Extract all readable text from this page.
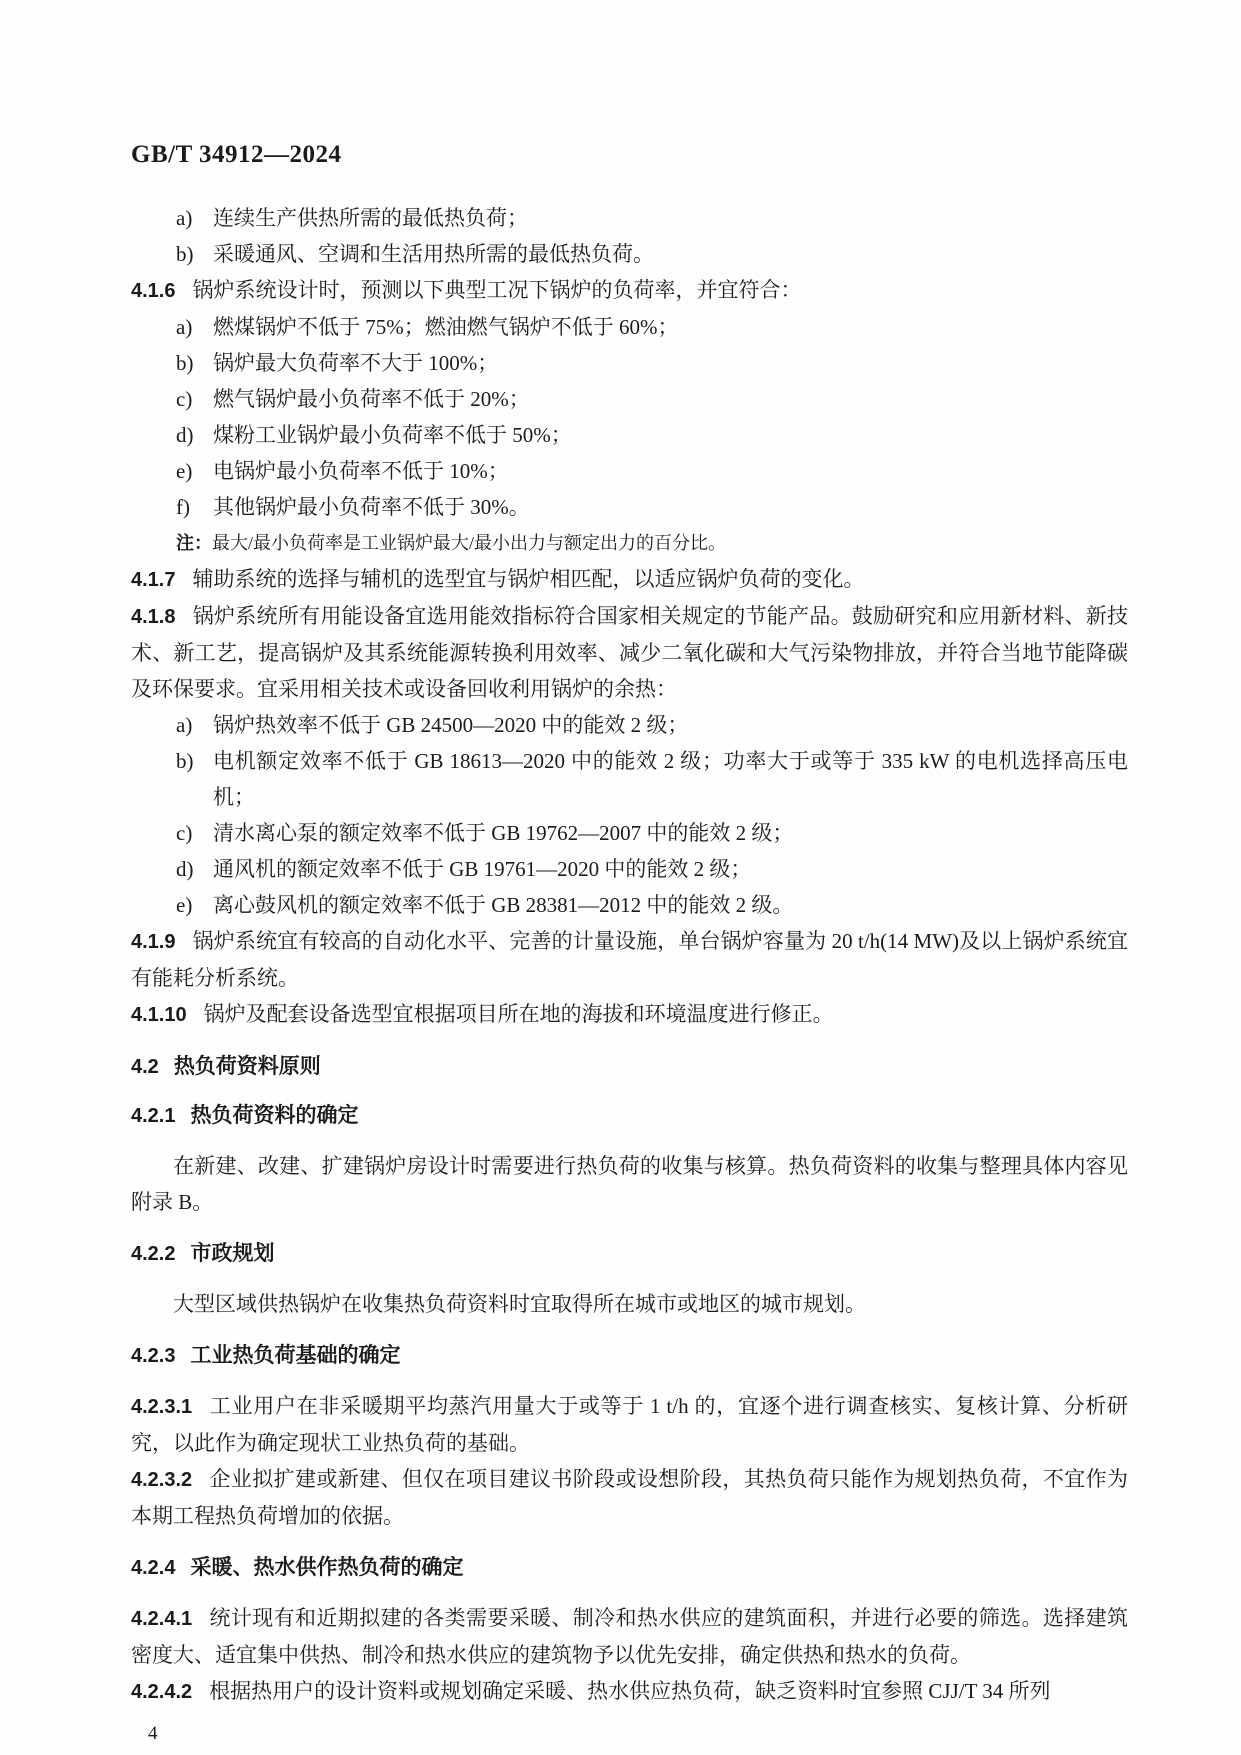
GB/T 34912—2024

a) 连续生产供热所需的最低热负荷；

b) 采暖通风、空调和生活用热所需的最低热负荷。

4.1.6 锅炉系统设计时，预测以下典型工况下锅炉的负荷率，并宜符合：

a) 燃煤锅炉不低于 75%；燃油燃气锅炉不低于 60%；

b) 锅炉最大负荷率不大于 100%；

c) 燃气锅炉最小负荷率不低于 20%；

d) 煤粉工业锅炉最小负荷率不低于 50%；

e) 电锅炉最小负荷率不低于 10%；

f) 其他锅炉最小负荷率不低于 30%。

注：最大/最小负荷率是工业锅炉最大/最小出力与额定出力的百分比。

4.1.7 辅助系统的选择与辅机的选型宜与锅炉相匹配，以适应锅炉负荷的变化。

4.1.8 锅炉系统所有用能设备宜选用能效指标符合国家相关规定的节能产品。鼓励研究和应用新材料、新技术、新工艺，提高锅炉及其系统能源转换利用效率、减少二氧化碳和大气污染物排放，并符合当地节能降碳及环保要求。宜采用相关技术或设备回收利用锅炉的余热：

a) 锅炉热效率不低于 GB 24500—2020 中的能效 2 级；

b) 电机额定效率不低于 GB 18613—2020 中的能效 2 级；功率大于或等于 335 kW 的电机选择高压电机；

c) 清水离心泵的额定效率不低于 GB 19762—2007 中的能效 2 级；

d) 通风机的额定效率不低于 GB 19761—2020 中的能效 2 级；

e) 离心鼓风机的额定效率不低于 GB 28381—2012 中的能效 2 级。

4.1.9 锅炉系统宜有较高的自动化水平、完善的计量设施，单台锅炉容量为 20 t/h(14 MW)及以上锅炉系统宜有能耗分析系统。

4.1.10 锅炉及配套设备选型宜根据项目所在地的海拔和环境温度进行修正。

4.2 热负荷资料原则

4.2.1 热负荷资料的确定

在新建、改建、扩建锅炉房设计时需要进行热负荷的收集与核算。热负荷资料的收集与整理具体内容见附录 B。

4.2.2 市政规划

大型区域供热锅炉在收集热负荷资料时宜取得所在城市或地区的城市规划。

4.2.3 工业热负荷基础的确定

4.2.3.1 工业用户在非采暖期平均蒸汽用量大于或等于 1 t/h 的，宜逐个进行调查核实、复核计算、分析研究，以此作为确定现状工业热负荷的基础。

4.2.3.2 企业拟扩建或新建、但仅在项目建议书阶段或设想阶段，其热负荷只能作为规划热负荷，不宜作为本期工程热负荷增加的依据。

4.2.4 采暖、热水供作热负荷的确定

4.2.4.1 统计现有和近期拟建的各类需要采暖、制冷和热水供应的建筑面积，并进行必要的筛选。选择建筑密度大、适宜集中供热、制冷和热水供应的建筑物予以优先安排，确定供热和热水的负荷。

4.2.4.2 根据热用户的设计资料或规划确定采暖、热水供应热负荷，缺乏资料时宜参照 CJJ/T 34 所列

4
